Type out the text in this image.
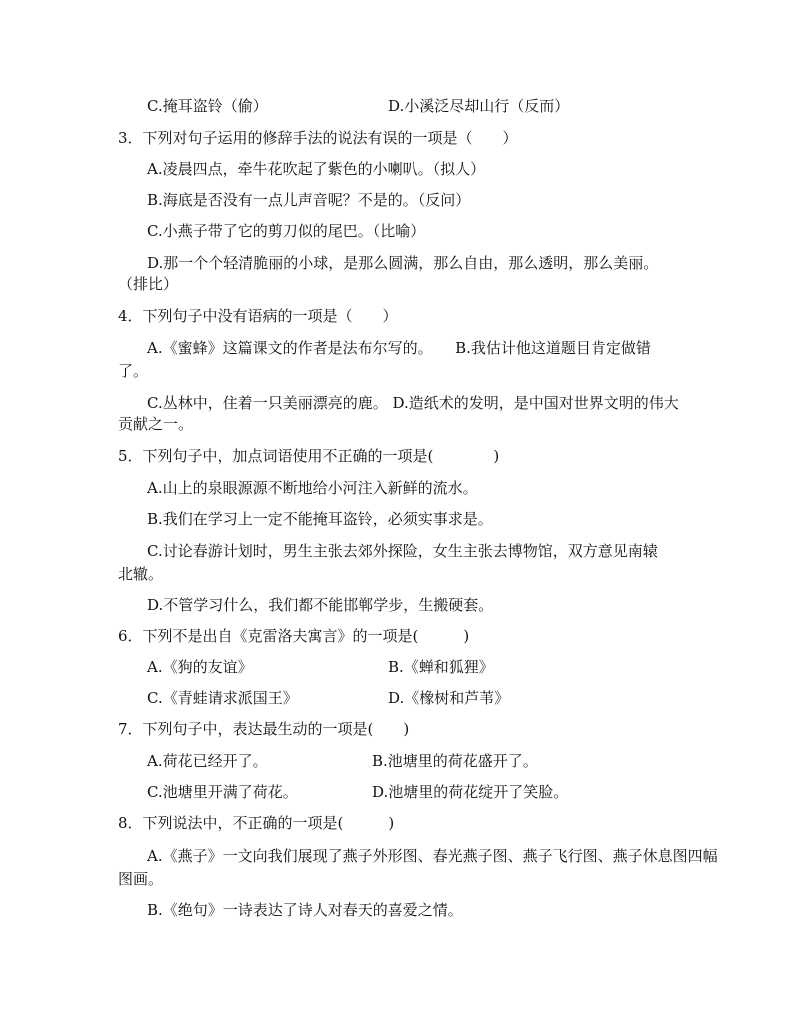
C.掩耳盗铃（偷）	D.小溪泛尽却山行（反而）
3．下列对句子运用的修辞手法的说法有误的一项是（　　）
A.凌晨四点，牵牛花吹起了紫色的小喇叭。（拟人）
B.海底是否没有一点儿声音呢？不是的。（反问）
C.小燕子带了它的剪刀似的尾巴。（比喻）
D.那一个个轻清脆丽的小球，是那么圆满，那么自由，那么透明，那么美丽。
（排比）
4．下列句子中没有语病的一项是（　　）
A.《蜜蜂》这篇课文的作者是法布尔写的。　　B.我估计他这道题目肯定做错
了。
C.丛林中，住着一只美丽漂亮的鹿。 D.造纸术的发明，是中国对世界文明的伟大
贡献之一。
5．下列句子中，加点词语使用不正确的一项是(　　　　)
A.山上的泉眼源源不断地给小河注入新鲜的流水。
B.我们在学习上一定不能掩耳盗铃，必须实事求是。
C.讨论春游计划时，男生主张去郊外探险，女生主张去博物馆，双方意见南辕
北辙。
D.不管学习什么，我们都不能邯郸学步，生搬硬套。
6．下列不是出自《克雷洛夫寓言》的一项是(　　　)
A.《狗的友谊》	B.《蝉和狐狸》
C.《青蛙请求派国王》	D.《橡树和芦苇》
7．下列句子中，表达最生动的一项是(　　)
A.荷花已经开了。	B.池塘里的荷花盛开了。
C.池塘里开满了荷花。	D.池塘里的荷花绽开了笑脸。
8．下列说法中，不正确的一项是(　　　)
A.《燕子》一文向我们展现了燕子外形图、春光燕子图、燕子飞行图、燕子休息图四幅
图画。
B.《绝句》一诗表达了诗人对春天的喜爱之情。
